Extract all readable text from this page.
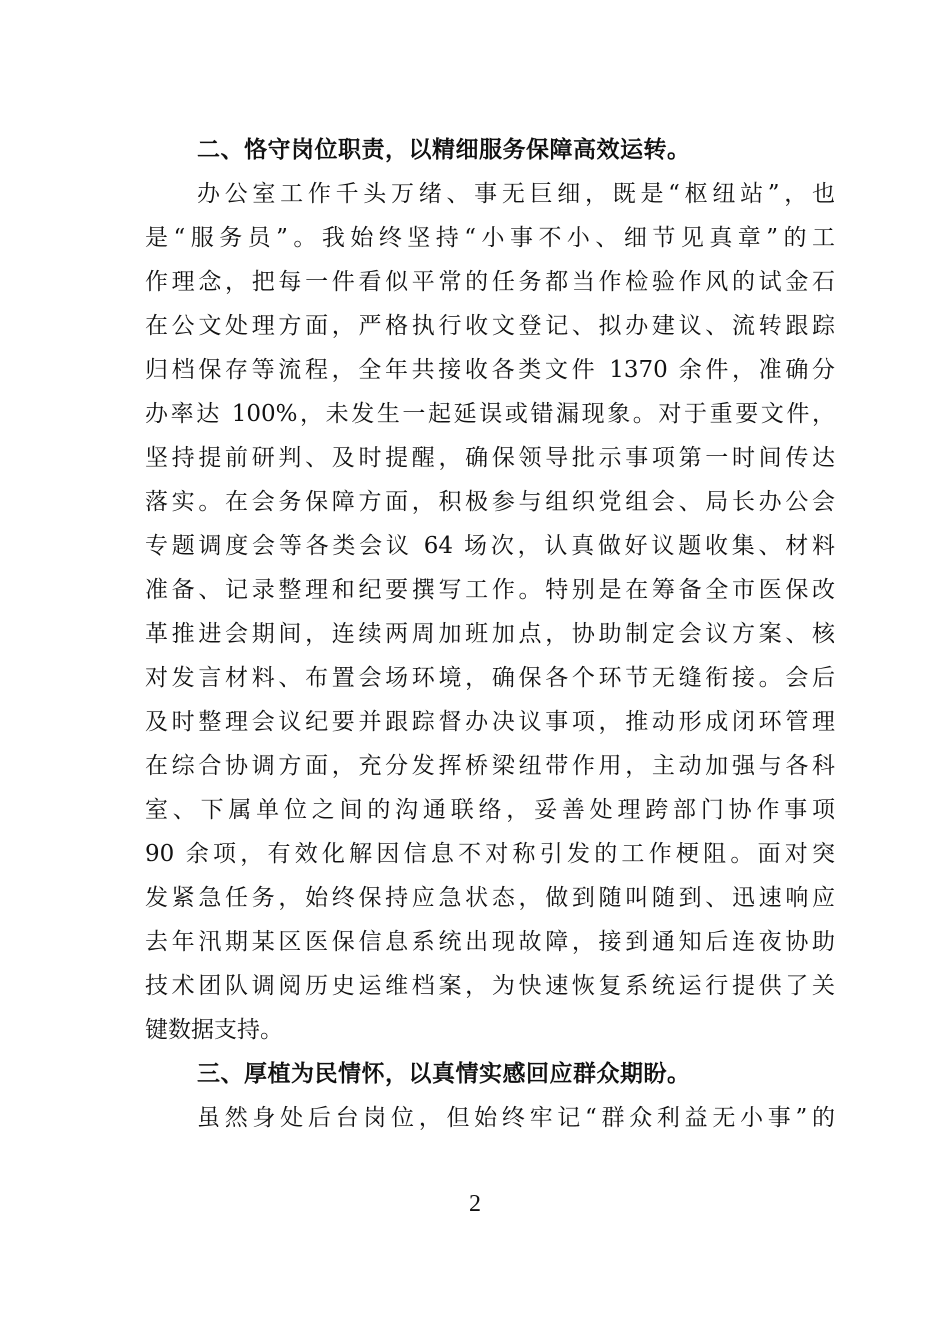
二、恪守岗位职责，以精细服务保障高效运转。
办公室工作千头万绪、事无巨细，既是“枢纽站”，也
是“服务员”。我始终坚持“小事不小、细节见真章”的工
作理念，把每一件看似平常的任务都当作检验作风的试金石
在公文处理方面，严格执行收文登记、拟办建议、流转跟踪
归档保存等流程，全年共接收各类文件 1370 余件，准确分
办率达 100%，未发生一起延误或错漏现象。对于重要文件，
坚持提前研判、及时提醒，确保领导批示事项第一时间传达
落实。在会务保障方面，积极参与组织党组会、局长办公会
专题调度会等各类会议 64 场次，认真做好议题收集、材料
准备、记录整理和纪要撰写工作。特别是在筹备全市医保改
革推进会期间，连续两周加班加点，协助制定会议方案、核
对发言材料、布置会场环境，确保各个环节无缝衔接。会后
及时整理会议纪要并跟踪督办决议事项，推动形成闭环管理
在综合协调方面，充分发挥桥梁纽带作用，主动加强与各科
室、下属单位之间的沟通联络，妥善处理跨部门协作事项
90 余项，有效化解因信息不对称引发的工作梗阻。面对突
发紧急任务，始终保持应急状态，做到随叫随到、迅速响应
去年汛期某区医保信息系统出现故障，接到通知后连夜协助
技术团队调阅历史运维档案，为快速恢复系统运行提供了关
键数据支持。
三、厚植为民情怀，以真情实感回应群众期盼。
虽然身处后台岗位，但始终牢记“群众利益无小事”的
2
